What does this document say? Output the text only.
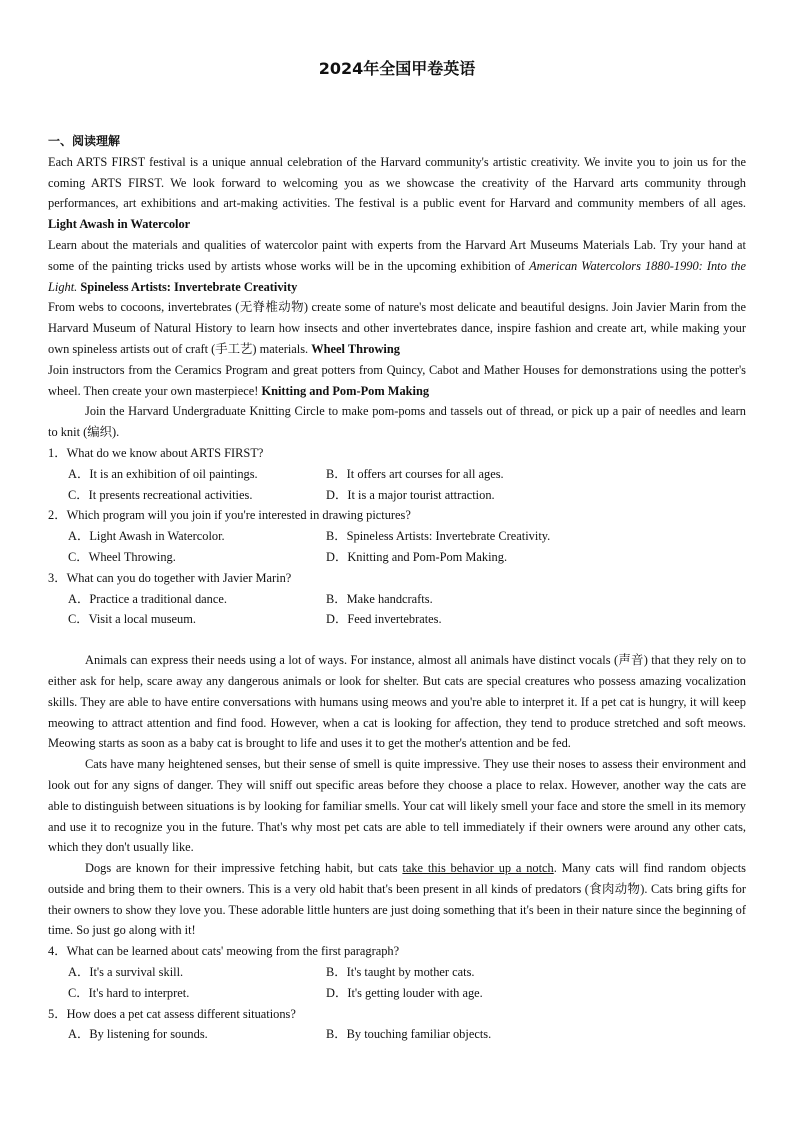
2024年全国甲卷英语
一、阅读理解
Each ARTS FIRST festival is a unique annual celebration of the Harvard community's artistic creativity. We invite you to join us for the coming ARTS FIRST. We look forward to welcoming you as we showcase the creativity of the Harvard arts community through performances, art exhibitions and art-making activities. The festival is a public event for Harvard and community members of all ages. Light Awash in Watercolor
Learn about the materials and qualities of watercolor paint with experts from the Harvard Art Museums Materials Lab. Try your hand at some of the painting tricks used by artists whose works will be in the upcoming exhibition of American Watercolors 1880-1990: Into the Light. Spineless Artists: Invertebrate Creativity
From webs to cocoons, invertebrates (无脊椎动物) create some of nature's most delicate and beautiful designs. Join Javier Marin from the Harvard Museum of Natural History to learn how insects and other invertebrates dance, inspire fashion and create art, while making your own spineless artists out of craft (手工艺) materials. Wheel Throwing
Join instructors from the Ceramics Program and great potters from Quincy, Cabot and Mather Houses for demonstrations using the potter's wheel. Then create your own masterpiece! Knitting and Pom-Pom Making
Join the Harvard Undergraduate Knitting Circle to make pom-poms and tassels out of thread, or pick up a pair of needles and learn to knit (编织).
1．What do we know about ARTS FIRST?
A．It is an exhibition of oil paintings.	B．It offers art courses for all ages.
C．It presents recreational activities.	D．It is a major tourist attraction.
2．Which program will you join if you're interested in drawing pictures?
A．Light Awash in Watercolor.	B．Spineless Artists: Invertebrate Creativity.
C．Wheel Throwing.	D．Knitting and Pom-Pom Making.
3．What can you do together with Javier Marin?
A．Practice a traditional dance.	B．Make handcrafts.
C．Visit a local museum.	D．Feed invertebrates.
Animals can express their needs using a lot of ways. For instance, almost all animals have distinct vocals (声音) that they rely on to either ask for help, scare away any dangerous animals or look for shelter. But cats are special creatures who possess amazing vocalization skills. They are able to have entire conversations with humans using meows and you're able to interpret it. If a pet cat is hungry, it will keep meowing to attract attention and find food. However, when a cat is looking for affection, they tend to produce stretched and soft meows. Meowing starts as soon as a baby cat is brought to life and uses it to get the mother's attention and be fed.
Cats have many heightened senses, but their sense of smell is quite impressive. They use their noses to assess their environment and look out for any signs of danger. They will sniff out specific areas before they choose a place to relax. However, another way the cats are able to distinguish between situations is by looking for familiar smells. Your cat will likely smell your face and store the smell in its memory and use it to recognize you in the future. That's why most pet cats are able to tell immediately if their owners were around any other cats, which they don't usually like.
Dogs are known for their impressive fetching habit, but cats take this behavior up a notch. Many cats will find random objects outside and bring them to their owners. This is a very old habit that's been present in all kinds of predators (食肉动物). Cats bring gifts for their owners to show they love you. These adorable little hunters are just doing something that it's been in their nature since the beginning of time. So just go along with it!
4．What can be learned about cats' meowing from the first paragraph?
A．It's a survival skill.	B．It's taught by mother cats.
C．It's hard to interpret.	D．It's getting louder with age.
5．How does a pet cat assess different situations?
A．By listening for sounds.	B．By touching familiar objects.
